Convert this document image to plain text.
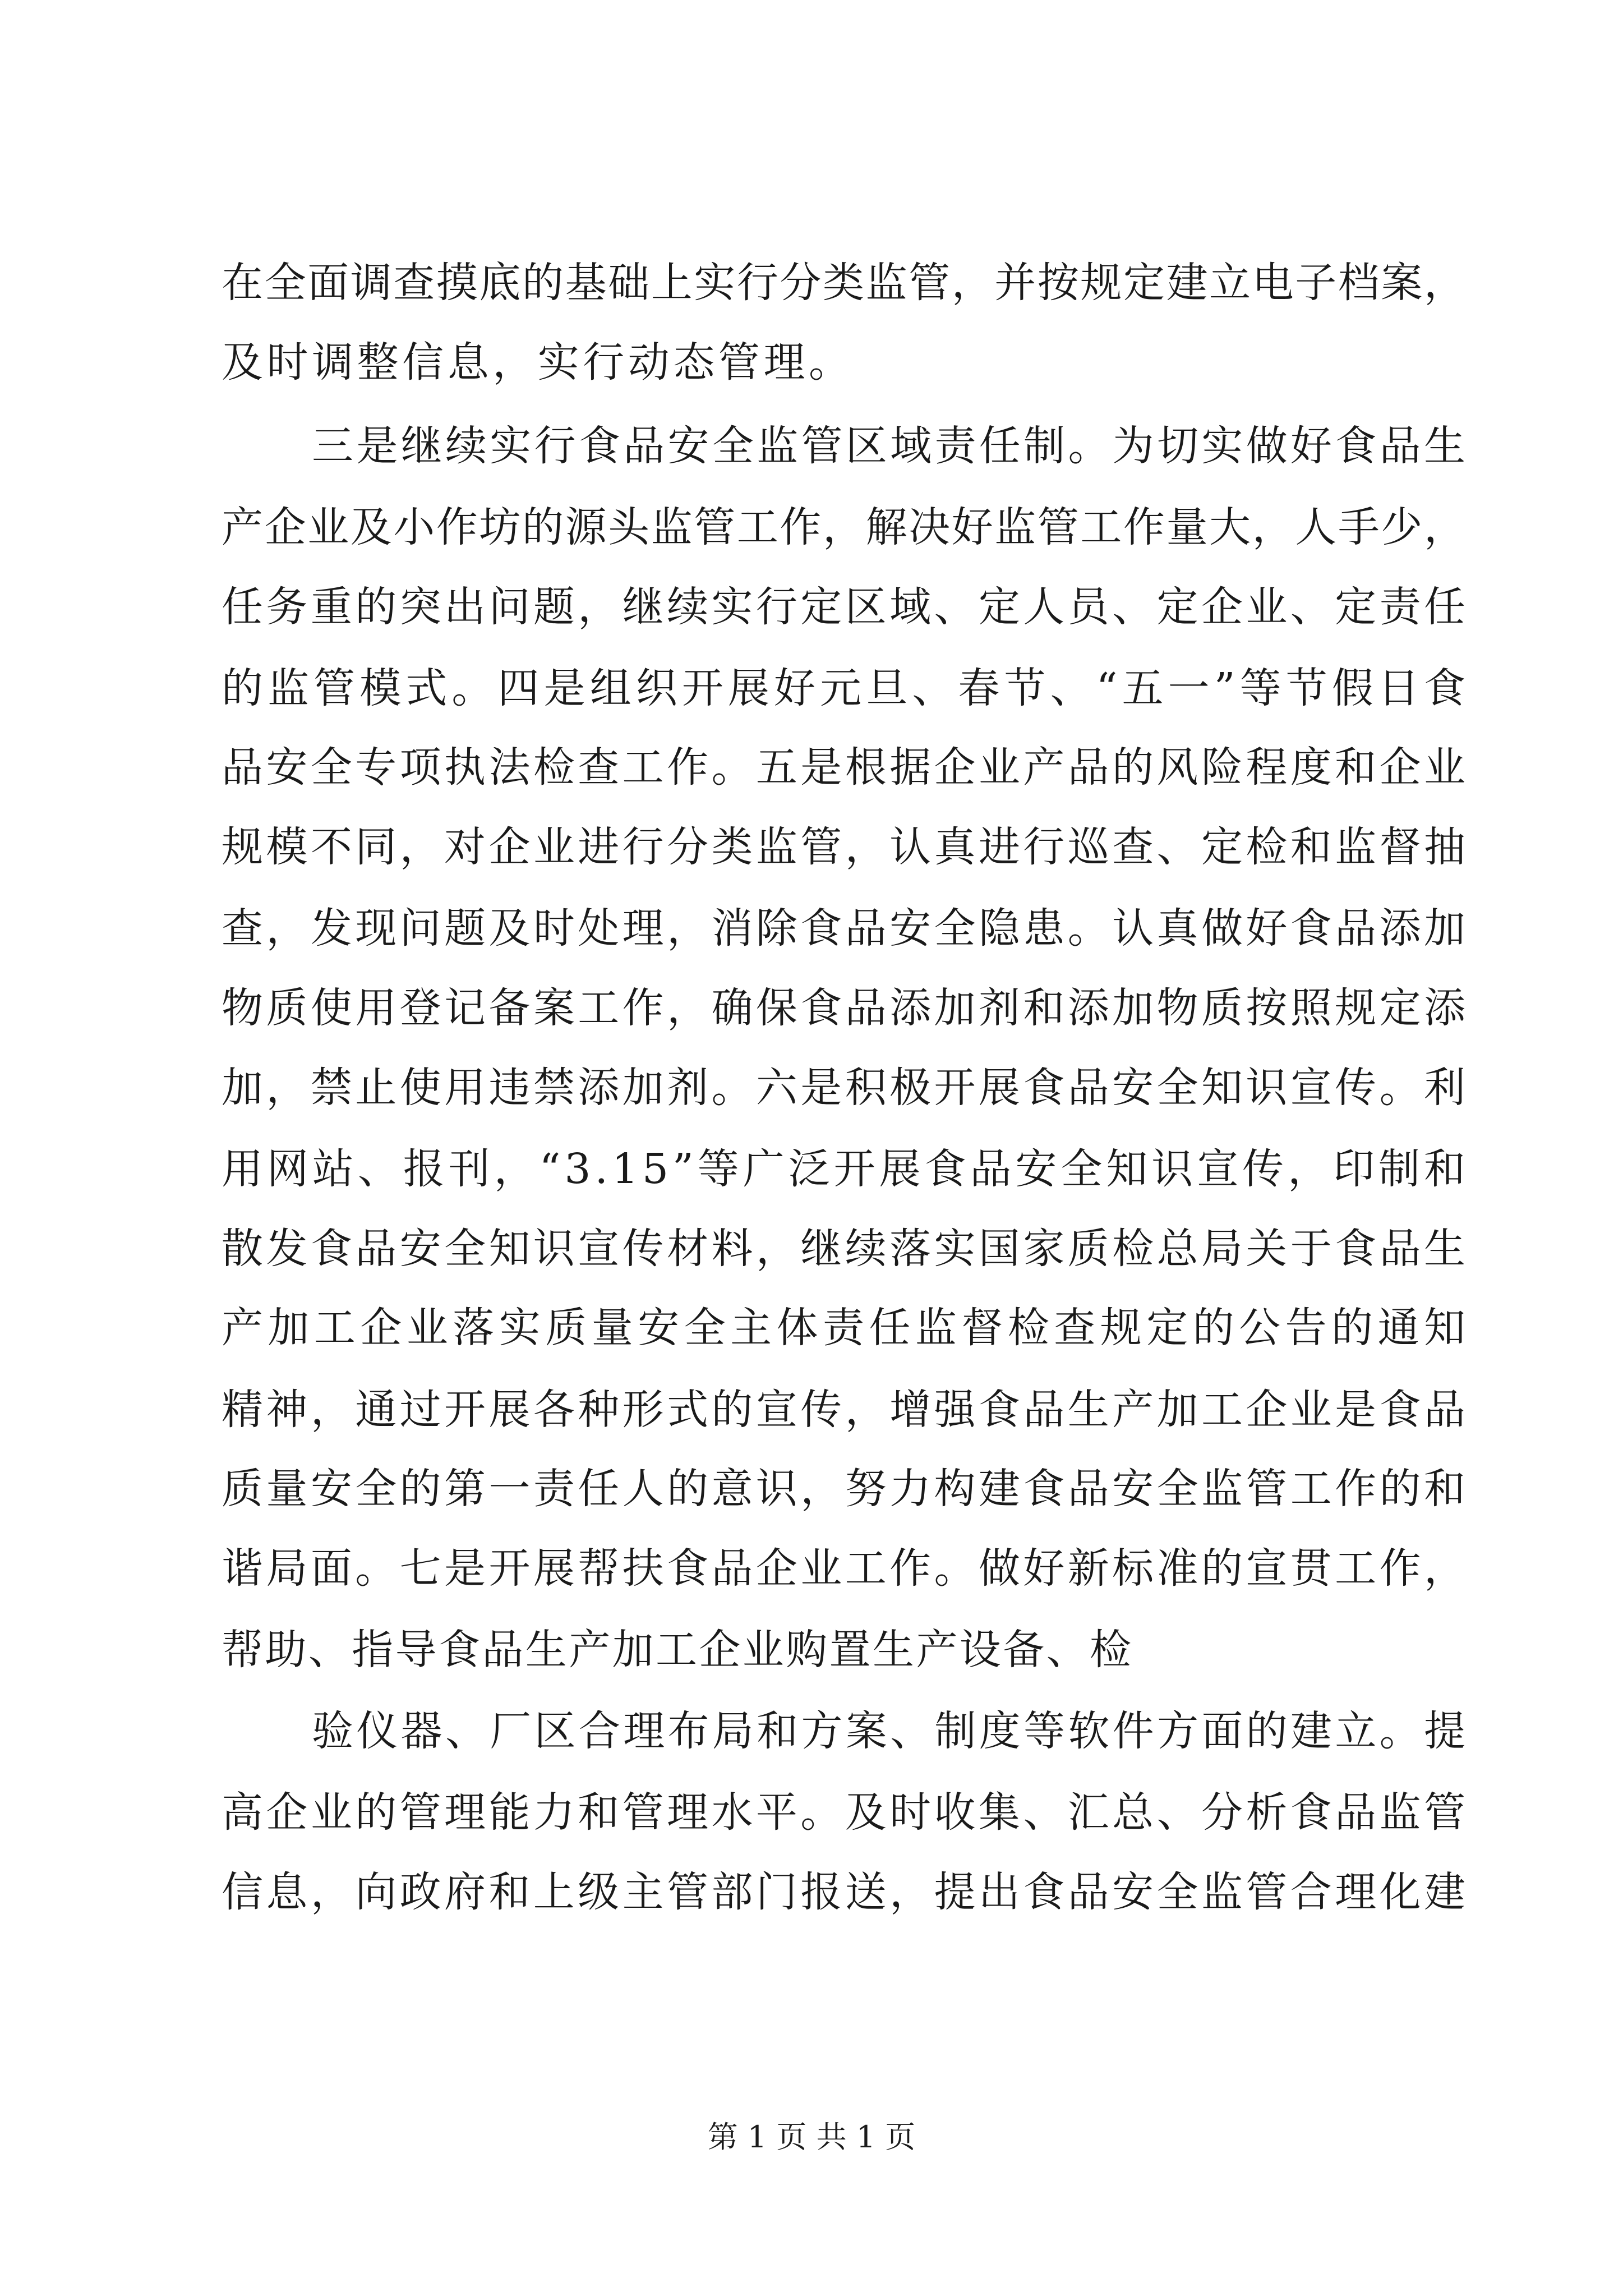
在全面调查摸底的基础上实行分类监管，并按规定建立电子档案，
及时调整信息，实行动态管理。
三是继续实行食品安全监管区域责任制。为切实做好食品生
产企业及小作坊的源头监管工作，解决好监管工作量大，人手少，
任务重的突出问题，继续实行定区域、定人员、定企业、定责任
的监管模式。四是组织开展好元旦、春节、“五一”等节假日食
品安全专项执法检查工作。五是根据企业产品的风险程度和企业
规模不同，对企业进行分类监管，认真进行巡查、定检和监督抽
查，发现问题及时处理，消除食品安全隐患。认真做好食品添加
物质使用登记备案工作，确保食品添加剂和添加物质按照规定添
加，禁止使用违禁添加剂。六是积极开展食品安全知识宣传。利
用网站、报刊，“3.15”等广泛开展食品安全知识宣传，印制和
散发食品安全知识宣传材料，继续落实国家质检总局关于食品生
产加工企业落实质量安全主体责任监督检查规定的公告的通知
精神，通过开展各种形式的宣传，增强食品生产加工企业是食品
质量安全的第一责任人的意识，努力构建食品安全监管工作的和
谐局面。七是开展帮扶食品企业工作。做好新标准的宣贯工作，
帮助、指导食品生产加工企业购置生产设备、检
验仪器、厂区合理布局和方案、制度等软件方面的建立。提
高企业的管理能力和管理水平。及时收集、汇总、分析食品监管
信息，向政府和上级主管部门报送，提出食品安全监管合理化建
第 1 页 共 1 页
